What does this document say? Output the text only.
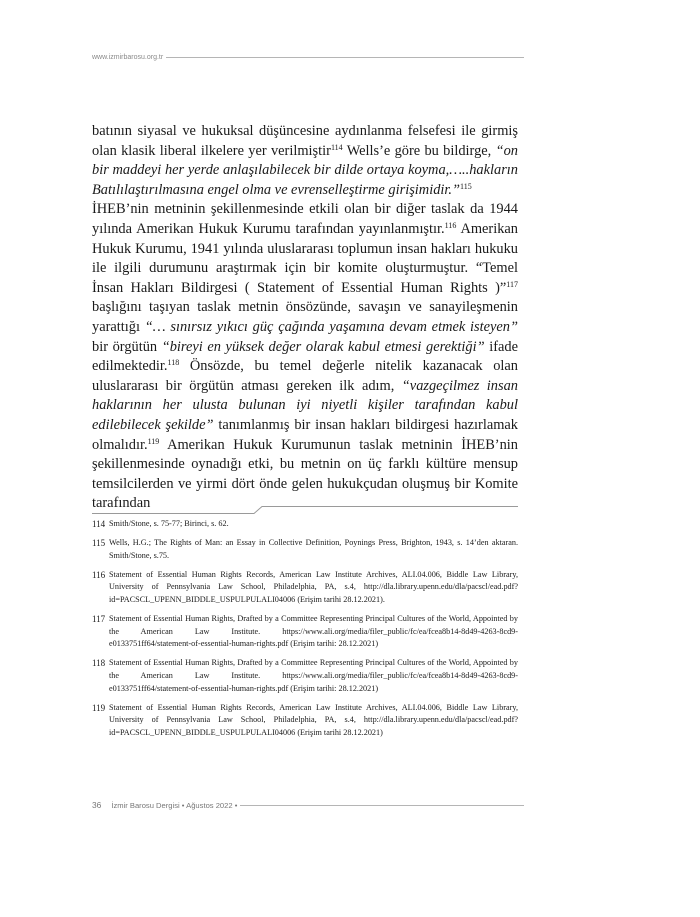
www.izmirbarosu.org.tr

batının siyasal ve hukuksal düşüncesine aydınlanma felsefesi ile girmiş olan klasik liberal ilkelere yer verilmiştir$^{114}$ Wells’e göre bu bildirge, “on bir maddeyi her yerde anlaşılabilecek bir dilde ortaya koyma,…..hakların Batılılaştırılmasına engel olma ve evrenselleştirme girişimidir.”$^{115}$

İHEB’nin metninin şekillenmesinde etkili olan bir diğer taslak da 1944 yılında Amerikan Hukuk Kurumu tarafından yayınlanmıştır.$^{116}$ Amerikan Hukuk Kurumu, 1941 yılında uluslararası toplumun insan hakları hukuku ile ilgili durumunu araştırmak için bir komite oluşturmuştur. “Temel İnsan Hakları Bildirgesi ( Statement of Essential Human Rights )”$^{117}$ başlığını taşıyan taslak metnin önsözünde, savaşın ve sanayileşmenin yarattığı “… sınırsız yıkıcı güç çağında yaşamına devam etmek isteyen” bir örgütün “bireyi en yüksek değer olarak kabul etmesi gerektiği” ifade edilmektedir.$^{118}$ Önsözde, bu temel değerle nitelik kazanacak olan uluslararası bir örgütün atması gereken ilk adım, “vazgeçilmez insan haklarının her ulusta bulunan iyi niyetli kişiler tarafından kabul edilebilecek şekilde” tanımlanmış bir insan hakları bildirgesi hazırlamak olmalıdır.$^{119}$ Amerikan Hukuk Kurumunun taslak metninin İHEB’nin şekillenmesinde oynadığı etki, bu metnin on üç farklı kültüre mensup temsilcilerden ve yirmi dört önde gelen hukukçudan oluşmuş bir Komite tarafından

114 Smith/Stone, s. 75-77; Birinci, s. 62.
115 Wells, H.G.; The Rights of Man: an Essay in Collective Definition, Poynings Press, Brighton, 1943, s. 14’den aktaran. Smith/Stone, s.75.
116 Statement of Essential Human Rights Records, American Law Institute Archives, ALI.04.006, Biddle Law Library, University of Pennsylvania Law School, Philadelphia, PA, s.4, http://dla.library.upenn.edu/dla/pacscl/ead.pdf?id=PACSCL_UPENN_BIDDLE_USPULPULALI04006 (Erişim tarihi 28.12.2021).
117 Statement of Essential Human Rights, Drafted by a Committee Representing Principal Cultures of the World, Appointed by the American Law Institute. https://www.ali.org/media/filer_public/fc/ea/fcea8b14-8d49-4263-8cd9-e0133751ff64/statement-of-essential-human-rights.pdf (Erişim tarihi: 28.12.2021)
118 Statement of Essential Human Rights, Drafted by a Committee Representing Principal Cultures of the World, Appointed by the American Law Institute. https://www.ali.org/media/filer_public/fc/ea/fcea8b14-8d49-4263-8cd9-e0133751ff64/statement-of-essential-human-rights.pdf (Erişim tarihi: 28.12.2021)
119 Statement of Essential Human Rights Records, American Law Institute Archives, ALI.04.006, Biddle Law Library, University of Pennsylvania Law School, Philadelphia, PA, s.4, http://dla.library.upenn.edu/dla/pacscl/ead.pdf?id=PACSCL_UPENN_BIDDLE_USPULPULALI04006 (Erişim tarihi 28.12.2021)
36 İzmir Barosu Dergisi • Ağustos 2022 •
